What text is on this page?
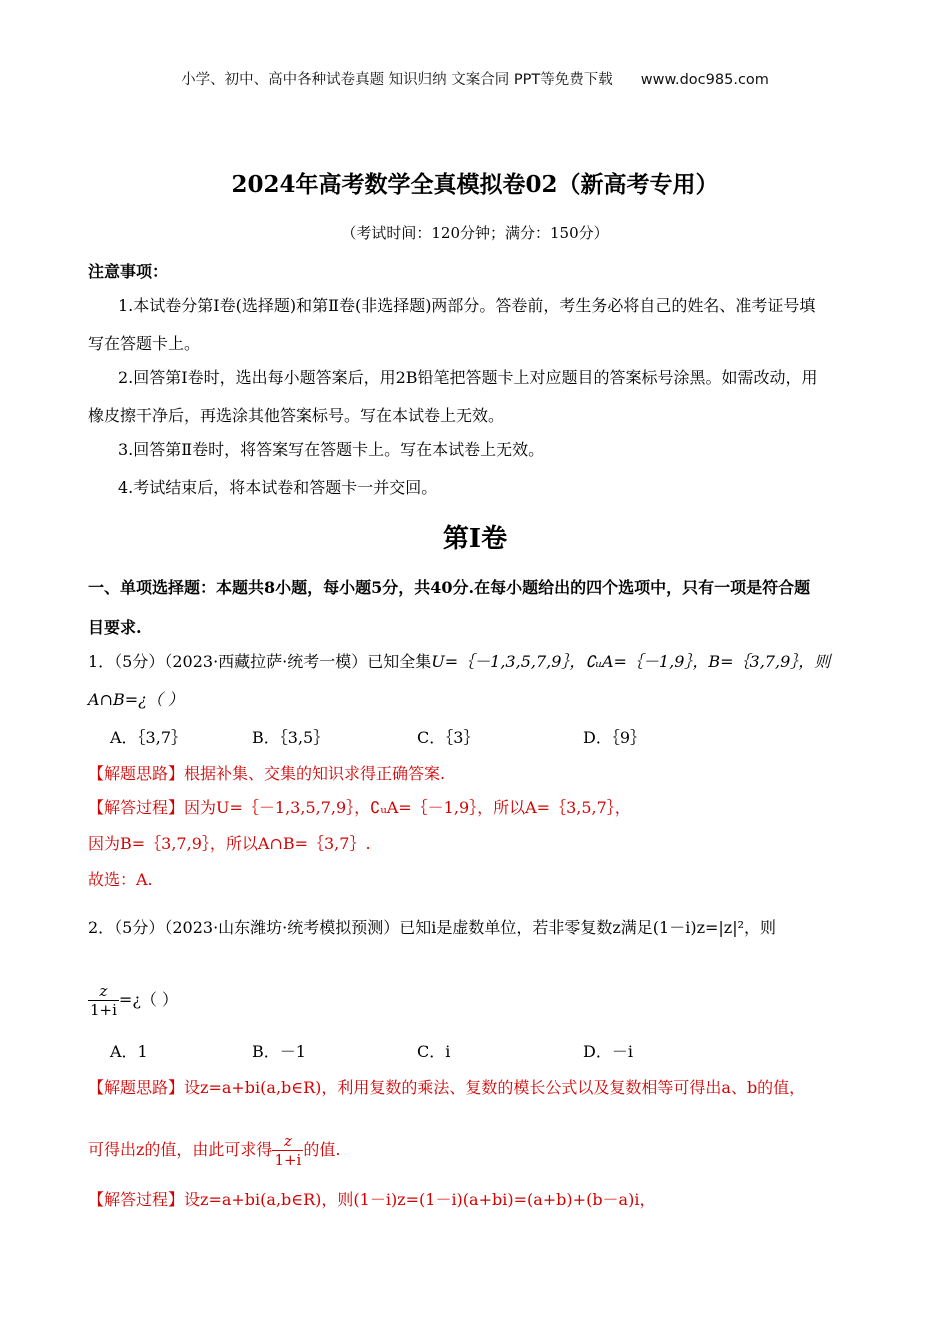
小学、初中、高中各种试卷真题 知识归纳 文案合同 PPT等免费下载 www.doc985.com
2024年高考数学全真模拟卷02（新高考专用）
（考试时间：120分钟；满分：150分）
注意事项：
1.本试卷分第Ⅰ卷(选择题)和第Ⅱ卷(非选择题)两部分。答卷前，考生务必将自己的姓名、准考证号填
写在答题卡上。
2.回答第Ⅰ卷时，选出每小题答案后，用2B铅笔把答题卡上对应题目的答案标号涂黑。如需改动，用
橡皮擦干净后，再选涂其他答案标号。写在本试卷上无效。
3.回答第Ⅱ卷时，将答案写在答题卡上。写在本试卷上无效。
4.考试结束后，将本试卷和答题卡一并交回。
第Ⅰ卷
一、单项选择题：本题共8小题，每小题5分，共40分.在每小题给出的四个选项中，只有一项是符合题
目要求.
1．（5分）（2023·西藏拉萨·统考一模）已知全集U=｛－1,3,5,7,9｝，∁ᵤA=｛－1,9｝，B=｛3,7,9｝，则
A∩B=¿（ ）
A．｛3,7｝	B．｛3,5｝	C．｛3｝	D．｛9｝
【解题思路】根据补集、交集的知识求得正确答案.
【解答过程】因为U=｛－1,3,5,7,9｝，∁ᵤA=｛－1,9｝，所以A=｛3,5,7｝，
因为B=｛3,7,9｝，所以A∩B=｛3,7｝.
故选：A.
2．（5分）（2023·山东潍坊·统考模拟预测）已知i是虚数单位，若非零复数z满足(1－i)z=|z|²，则
$\frac{z}{1+i}$ =¿（ ）
A．1	B．－1	C．i	D．－i
【解题思路】设z=a+bi(a,b∈R)，利用复数的乘法、复数的模长公式以及复数相等可得出a、b的值，
可得出z的值，由此可求得 $\frac{z}{1+i}$ 的值.
【解答过程】设z=a+bi(a,b∈R)，则(1－i)z=(1－i)(a+bi)=(a+b)+(b－a)i，
